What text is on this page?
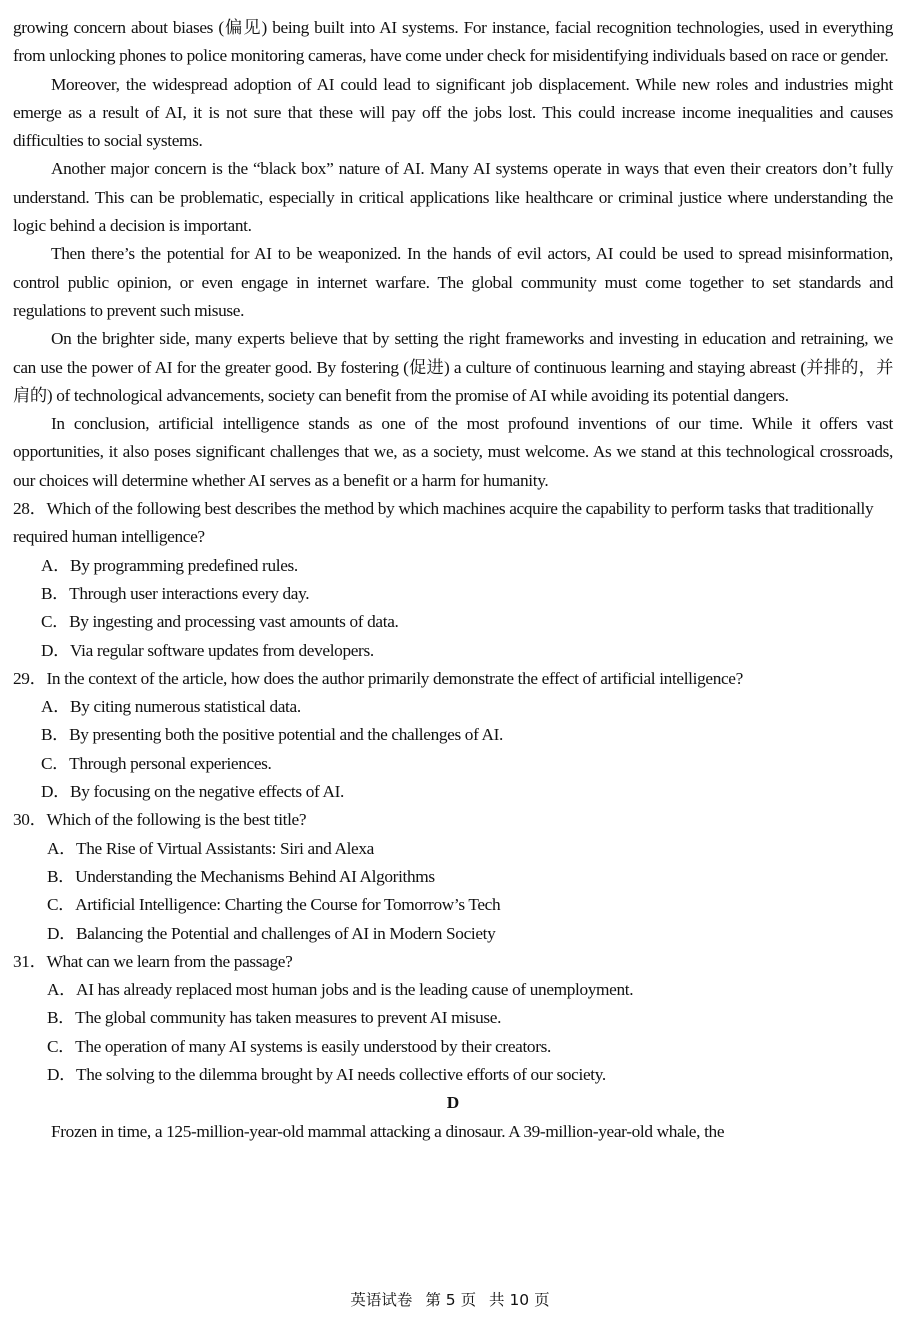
growing concern about biases (偏见) being built into AI systems. For instance, facial recognition technologies, used in everything from unlocking phones to police monitoring cameras, have come under check for misidentifying individuals based on race or gender.

Moreover, the widespread adoption of AI could lead to significant job displacement. While new roles and industries might emerge as a result of AI, it is not sure that these will pay off the jobs lost. This could increase income inequalities and causes difficulties to social systems.

Another major concern is the “black box” nature of AI. Many AI systems operate in ways that even their creators don’t fully understand. This can be problematic, especially in critical applications like healthcare or criminal justice where understanding the logic behind a decision is important.

Then there’s the potential for AI to be weaponized. In the hands of evil actors, AI could be used to spread misinformation, control public opinion, or even engage in internet warfare. The global community must come together to set standards and regulations to prevent such misuse.

On the brighter side, many experts believe that by setting the right frameworks and investing in education and retraining, we can use the power of AI for the greater good. By fostering (促进) a culture of continuous learning and staying abreast (并排的，并肩的) of technological advancements, society can benefit from the promise of AI while avoiding its potential dangers.

In conclusion, artificial intelligence stands as one of the most profound inventions of our time. While it offers vast opportunities, it also poses significant challenges that we, as a society, must welcome. As we stand at this technological crossroads, our choices will determine whether AI serves as a benefit or a harm for humanity.

28．Which of the following best describes the method by which machines acquire the capability to perform tasks that traditionally required human intelligence?

A．By programming predefined rules.

B．Through user interactions every day.

C．By ingesting and processing vast amounts of data.

D．Via regular software updates from developers.

29．In the context of the article, how does the author primarily demonstrate the effect of artificial intelligence?

A．By citing numerous statistical data.

B．By presenting both the positive potential and the challenges of AI.

C．Through personal experiences.

D．By focusing on the negative effects of AI.

30．Which of the following is the best title?

A．The Rise of Virtual Assistants: Siri and Alexa

B．Understanding the Mechanisms Behind AI Algorithms

C．Artificial Intelligence: Charting the Course for Tomorrow’s Tech

D．Balancing the Potential and challenges of AI in Modern Society

31．What can we learn from the passage?

A．AI has already replaced most human jobs and is the leading cause of unemployment.

B．The global community has taken measures to prevent AI misuse.

C．The operation of many AI systems is easily understood by their creators.

D．The solving to the dilemma brought by AI needs collective efforts of our society.

D

Frozen in time, a 125-million-year-old mammal attacking a dinosaur. A 39-million-year-old whale, the

英语试卷 第 5 页 共 10 页
